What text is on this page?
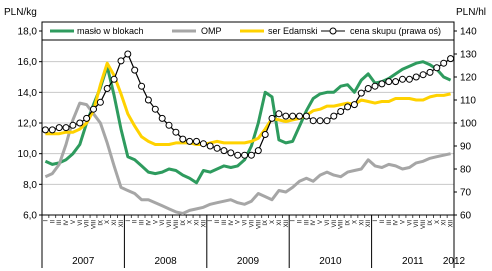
PLN/kg	PLN/hl
6,0
8,0
10,0
12,0
14,0
16,0
18,0
60
70
80
90
100
110
120
130
140
I II III IV V VI VII VIII IX X XI XII I II III IV V VI VII VIII IX X XI XII I II III IV V VI VII VIII IX X XI XII I II III IV V VI VII VIII IX X XI XII I II III IV V VI VII VIII IX X XI XII
2007	2008	2009	2010	2011 2012
masło w blokach	OMP	ser Edamski	cena skupu (prawa oś)
